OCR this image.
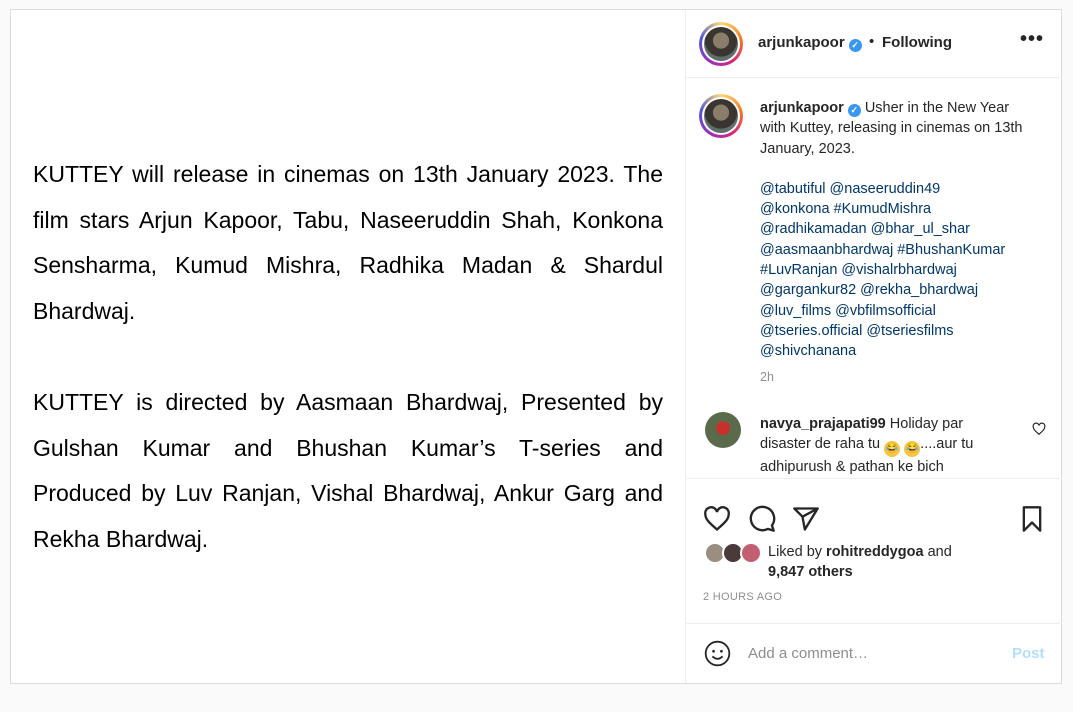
KUTTEY will release in cinemas on 13th January 2023. The film stars Arjun Kapoor, Tabu, Naseeruddin Shah, Konkona Sensharma, Kumud Mishra, Radhika Madan & Shardul Bhardwaj.

KUTTEY is directed by Aasmaan Bhardwaj, Presented by Gulshan Kumar and Bhushan Kumar’s T-series and Produced by Luv Ranjan, Vishal Bhardwaj, Ankur Garg and Rekha Bhardwaj.

arjunkapoor ✓ • Following	•••
arjunkapoor ✓ Usher in the New Year with Kuttey, releasing in cinemas on 13th January, 2023.
@tabutiful @naseeruddin49
@konkona #KumudMishra
@radhikamadan @bhar_ul_shar
@aasmaanbhardwaj #BhushanKumar
#LuvRanjan @vishalrbhardwaj
@gargankur82 @rekha_bhardwaj
@luv_films @vbfilmsofficial
@tseries.official @tseriesfilms
@shivchanana
2h
navya_prajapati99 Holiday par disaster de raha tu 😂 😂 ....aur tu adhipurush & pathan ke bich
Liked by rohitreddygoa and
9,847 others
2 HOURS AGO
Add a comment…	Post
